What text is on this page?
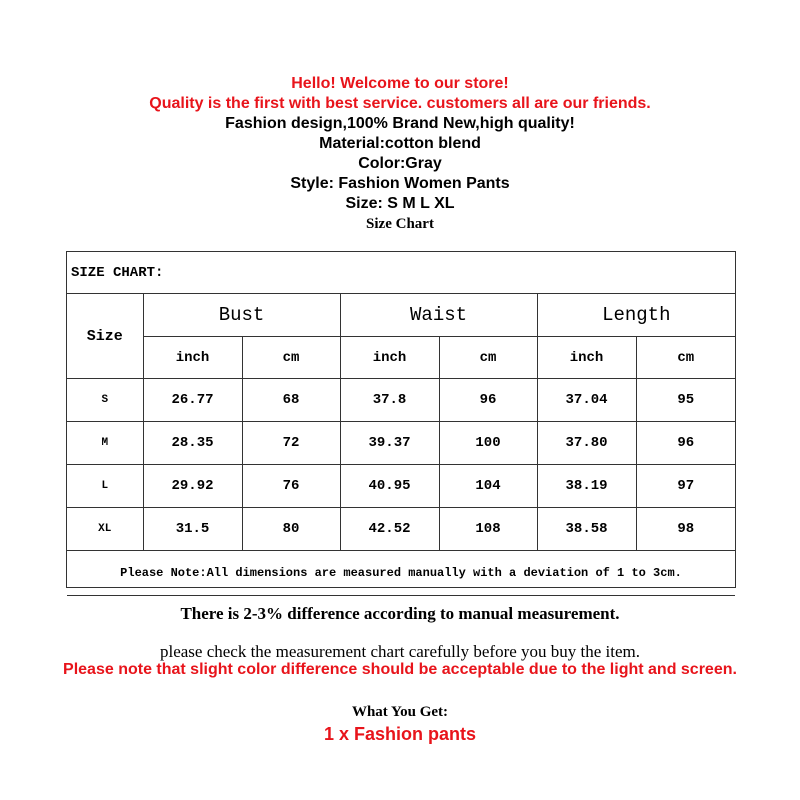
Hello! Welcome to our store!
Quality is the first with best service. customers all are our friends.
Fashion design,100% Brand New,high quality!
Material:cotton blend
Color:Gray
Style: Fashion Women Pants
Size: S M L XL
Size Chart
SIZE CHART:
Size	Bust		Waist		Length	
	inch	cm	inch	cm	inch	cm
S	26.77	68	37.8	96	37.04	95
M	28.35	72	39.37	100	37.80	96
L	29.92	76	40.95	104	38.19	97
XL	31.5	80	42.52	108	38.58	98
Please Note:All dimensions are measured manually with a deviation of 1 to 3cm.						
There is 2-3% difference according to manual measurement.
please check the measurement chart carefully before you buy the item.
Please note that slight color difference should be acceptable due to the light and screen.
What You Get:
1 x Fashion pants
